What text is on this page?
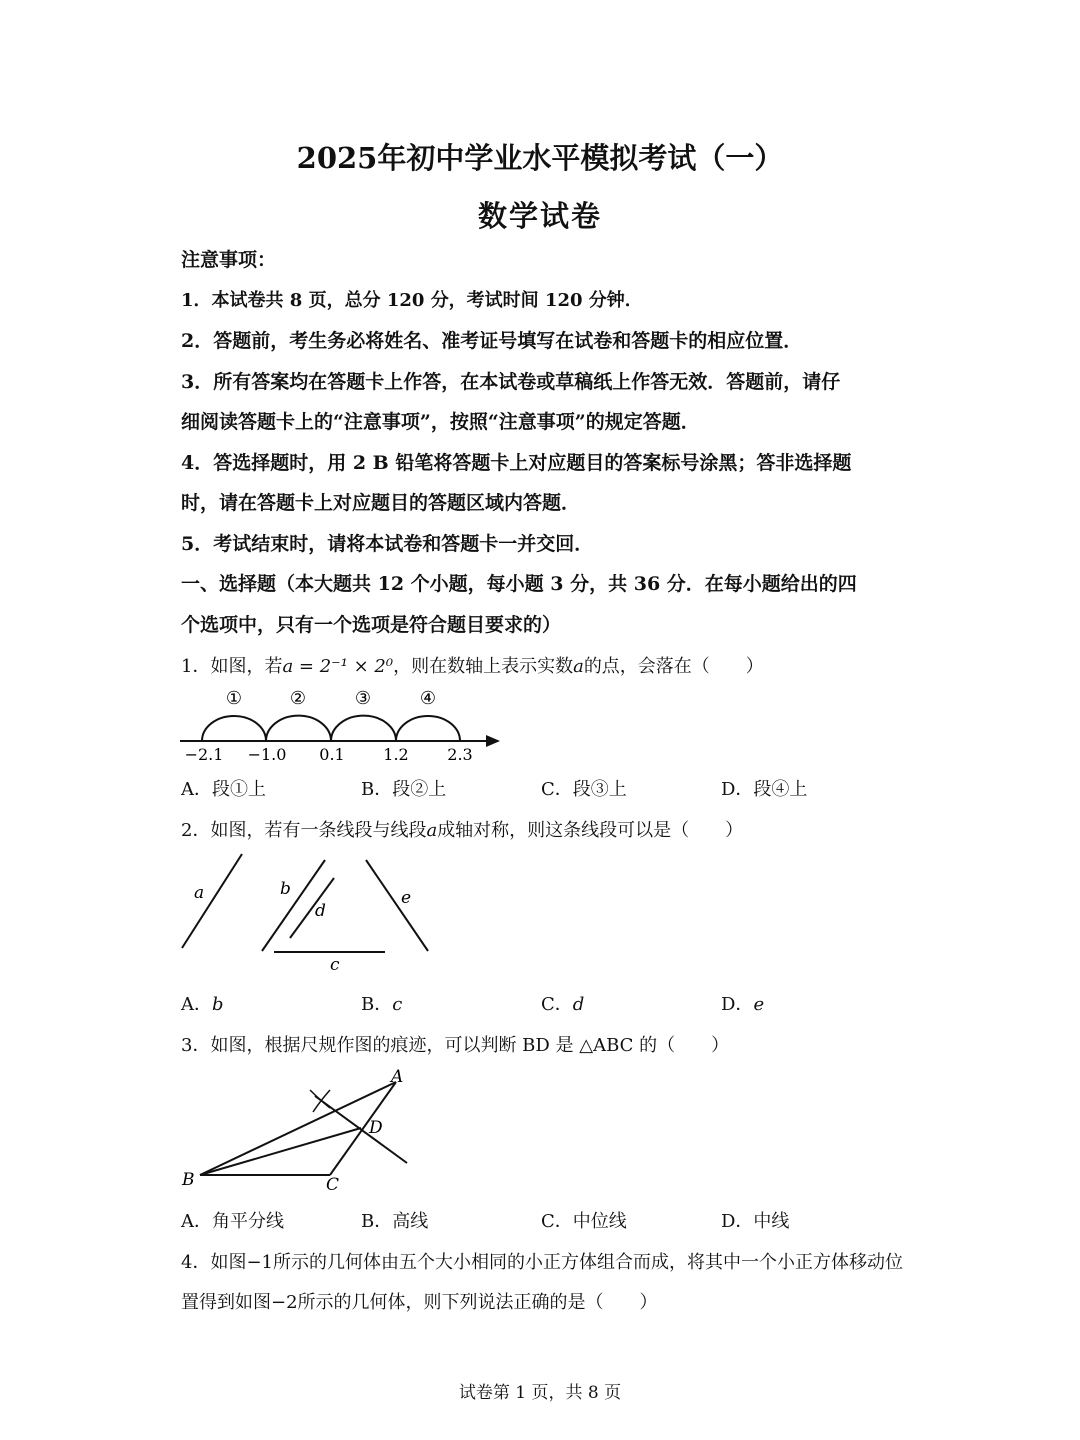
2025年初中学业水平模拟考试（一）
数学试卷
注意事项：
1．本试卷共 8 页，总分 120 分，考试时间 120 分钟．
2．答题前，考生务必将姓名、准考证号填写在试卷和答题卡的相应位置．
3．所有答案均在答题卡上作答，在本试卷或草稿纸上作答无效．答题前，请仔
细阅读答题卡上的“注意事项”，按照“注意事项”的规定答题．
4．答选择题时，用 2 B 铅笔将答题卡上对应题目的答案标号涂黑；答非选择题
时，请在答题卡上对应题目的答题区域内答题．
5．考试结束时，请将本试卷和答题卡一并交回．
一、选择题（本大题共 12 个小题，每小题 3 分，共 36 分．在每小题给出的四
个选项中，只有一个选项是符合题目要求的）
1．如图，若a = 2⁻¹ × 2⁰，则在数轴上表示实数a的点，会落在（　　）
①	②	③	④
−2.1 −1.0 0.1 1.2 2.3
A．段①上	B．段②上	C．段③上	D．段④上
2．如图，若有一条线段与线段a成轴对称，则这条线段可以是（　　）
a	b
d
e
c
A．b	B．c	C．d	D．e
3．如图，根据尺规作图的痕迹，可以判断 BD 是 △ABC 的（　　）
A
B	C
D
A．角平分线	B．高线	C．中位线	D．中线
4．如图−1所示的几何体由五个大小相同的小正方体组合而成，将其中一个小正方体移动位
置得到如图−2所示的几何体，则下列说法正确的是（　　）
试卷第 1 页，共 8 页
